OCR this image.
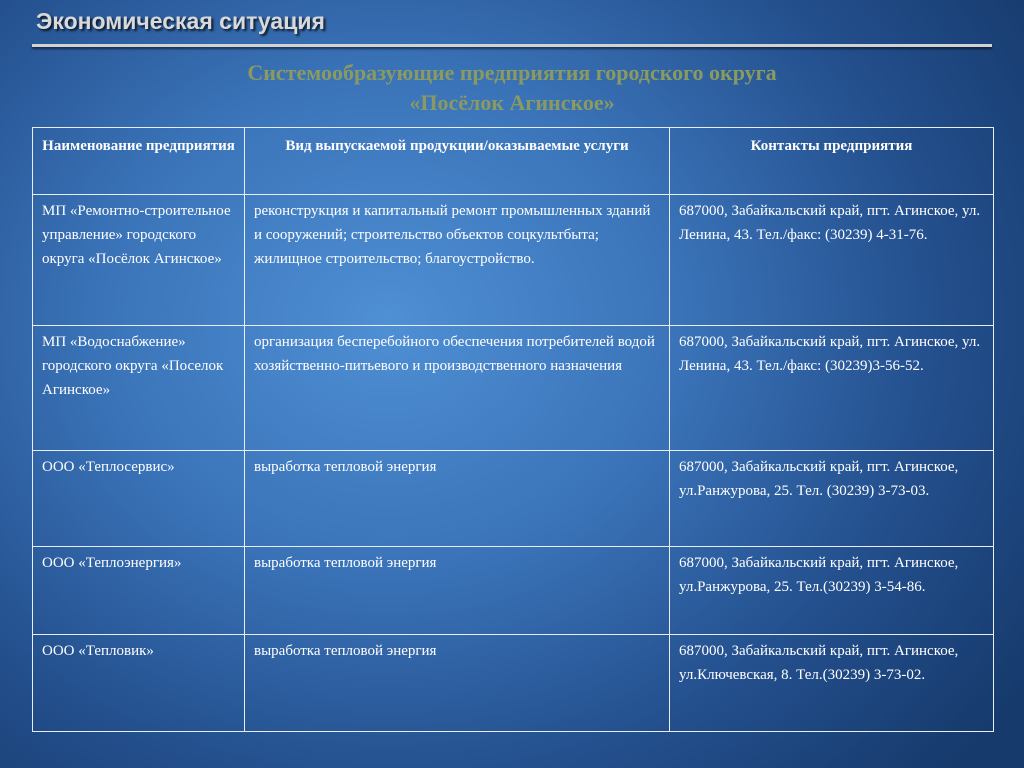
Экономическая ситуация
Системообразующие предприятия городского округа
«Посёлок Агинское»
Наименование предприятия	Вид выпускаемой продукции/оказываемые услуги	Контакты предприятия
МП «Ремонтно-строительное управление» городского округа «Посёлок Агинское»	реконструкция и капитальный ремонт промышленных зданий и сооружений; строительство объектов соцкультбыта; жилищное строительство; благоустройство.	687000, Забайкальский край, пгт. Агинское, ул. Ленина, 43. Тел./факс: (30239) 4-31-76.
МП «Водоснабжение» городского округа «Поселок Агинское»	организация бесперебойного обеспечения потребителей водой хозяйственно-питьевого и производственного назначения	687000, Забайкальский край, пгт. Агинское, ул. Ленина, 43. Тел./факс: (30239)3-56-52.
ООО «Теплосервис»	выработка тепловой энергия	687000, Забайкальский край, пгт. Агинское, ул.Ранжурова, 25. Тел. (30239) 3-73-03.
ООО «Теплоэнергия»	выработка тепловой энергия	687000, Забайкальский край, пгт. Агинское, ул.Ранжурова, 25. Тел.(30239) 3-54-86.
ООО «Тепловик»	выработка тепловой энергия	687000, Забайкальский край, пгт. Агинское, ул.Ключевская, 8. Тел.(30239) 3-73-02.
